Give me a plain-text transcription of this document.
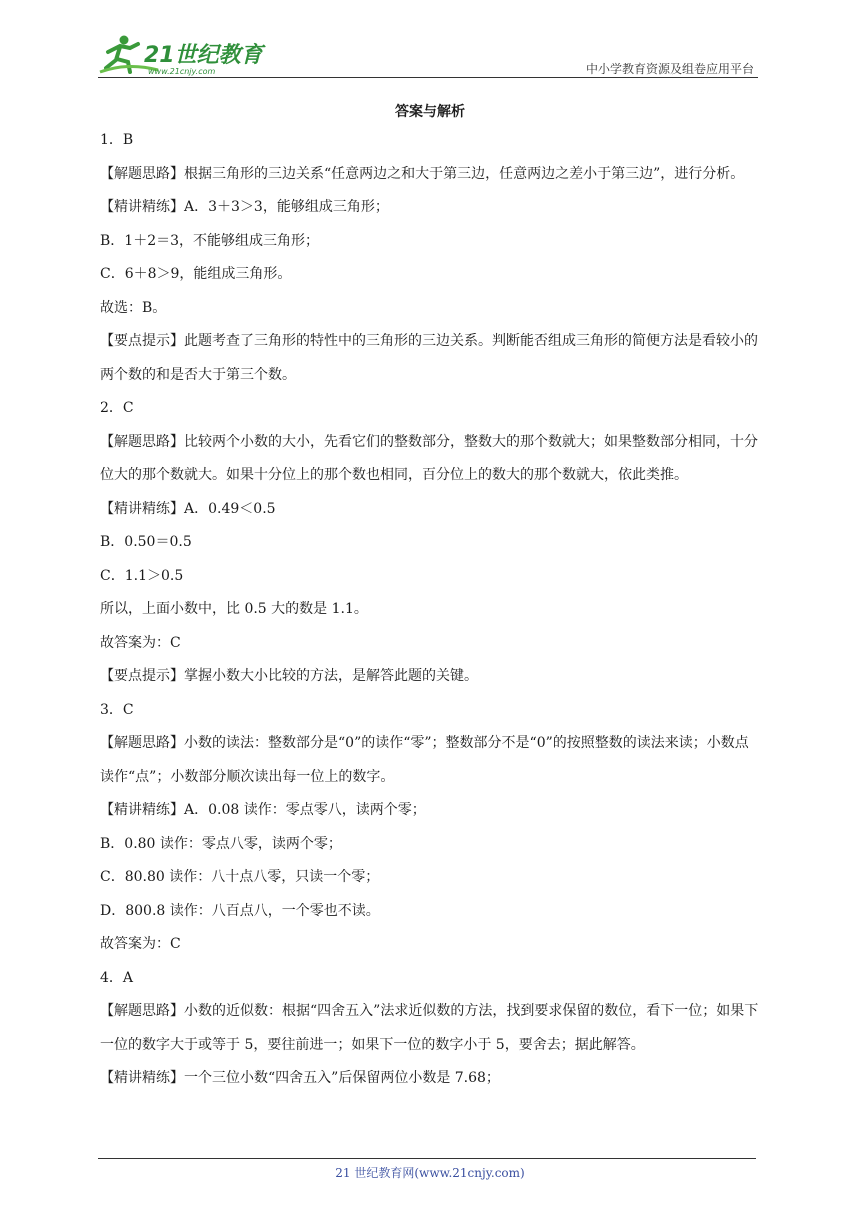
21世纪教育
www.21cnjy.com	中小学教育资源及组卷应用平台
答案与解析

1．B

【解题思路】根据三角形的三边关系“任意两边之和大于第三边，任意两边之差小于第三边”，进行分析。

【精讲精练】A．3＋3＞3，能够组成三角形；

B．1＋2＝3，不能够组成三角形；

C．6＋8＞9，能组成三角形。

故选：B。

【要点提示】此题考查了三角形的特性中的三角形的三边关系。判断能否组成三角形的简便方法是看较小的两个数的和是否大于第三个数。

2．C

【解题思路】比较两个小数的大小，先看它们的整数部分，整数大的那个数就大；如果整数部分相同，十分位大的那个数就大。如果十分位上的那个数也相同，百分位上的数大的那个数就大，依此类推。

【精讲精练】A．0.49＜0.5

B．0.50＝0.5

C．1.1＞0.5

所以，上面小数中，比 0.5 大的数是 1.1。

故答案为：C

【要点提示】掌握小数大小比较的方法，是解答此题的关键。

3．C

【解题思路】小数的读法：整数部分是“0”的读作“零”；整数部分不是“0”的按照整数的读法来读；小数点读作“点”；小数部分顺次读出每一位上的数字。

【精讲精练】A．0.08 读作：零点零八，读两个零；

B．0.80 读作：零点八零，读两个零；

C．80.80 读作：八十点八零，只读一个零；

D．800.8 读作：八百点八，一个零也不读。

故答案为：C

4．A

【解题思路】小数的近似数：根据“四舍五入”法求近似数的方法，找到要求保留的数位，看下一位；如果下一位的数字大于或等于 5，要往前进一；如果下一位的数字小于 5，要舍去；据此解答。

【精讲精练】一个三位小数“四舍五入”后保留两位小数是 7.68；

21 世纪教育网(www.21cnjy.com)
